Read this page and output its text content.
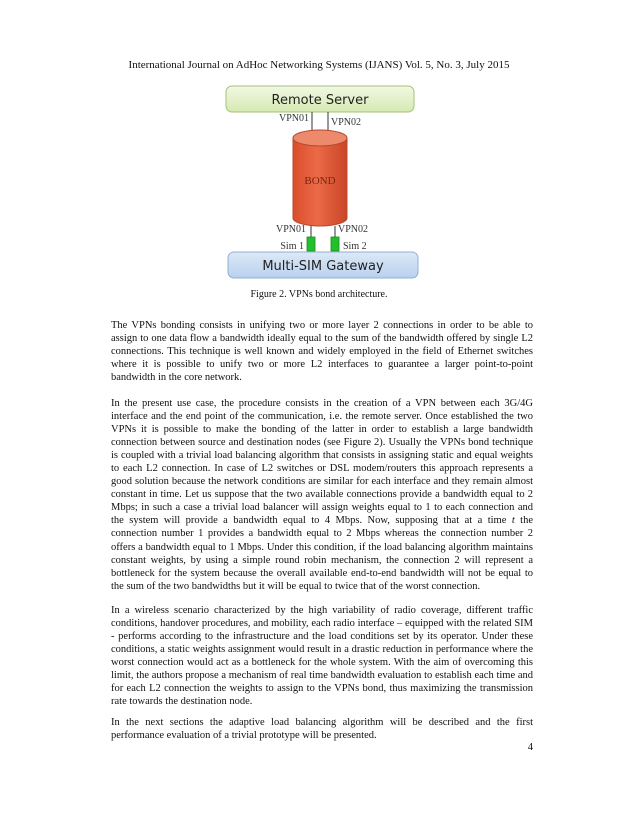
International Journal on AdHoc Networking Systems (IJANS) Vol. 5, No. 3, July 2015
Remote Server
VPN01 VPN02
BOND
VPN01	VPN02
Sim 1	Sim 2
Multi-SIM Gateway
Figure 2. VPNs bond architecture.

The VPNs bonding consists in unifying two or more layer 2 connections in order to be able to assign to one data flow a bandwidth ideally equal to the sum of the bandwidth offered by single L2 connections. This technique is well known and widely employed in the field of Ethernet switches where it is possible to unify two or more L2 interfaces to guarantee a larger point-to-point bandwidth in the core network.

In the present use case, the procedure consists in the creation of a VPN between each 3G/4G interface and the end point of the communication, i.e. the remote server. Once established the two VPNs it is possible to make the bonding of the latter in order to establish a large bandwidth connection between source and destination nodes (see Figure 2). Usually the VPNs bond technique is coupled with a trivial load balancing algorithm that consists in assigning static and equal weights to each L2 connection. In case of L2 switches or DSL modem/routers this approach represents a good solution because the network conditions are similar for each interface and they remain almost constant in time. Let us suppose that the two available connections provide a bandwidth equal to 2 Mbps; in such a case a trivial load balancer will assign weights equal to 1 to each connection and the system will provide a bandwidth equal to 4 Mbps. Now, supposing that at a time t the connection number 1 provides a bandwidth equal to 2 Mbps whereas the connection number 2 offers a bandwidth equal to 1 Mbps. Under this condition, if the load balancing algorithm maintains constant weights, by using a simple round robin mechanism, the connection 2 will represent a bottleneck for the system because the overall available end-to-end bandwidth will not be equal to the sum of the two bandwidths but it will be equal to twice that of the worst connection.

In a wireless scenario characterized by the high variability of radio coverage, different traffic conditions, handover procedures, and mobility, each radio interface – equipped with the related SIM - performs according to the infrastructure and the load conditions set by its operator. Under these conditions, a static weights assignment would result in a drastic reduction in performance where the worst connection would act as a bottleneck for the whole system. With the aim of overcoming this limit, the authors propose a mechanism of real time bandwidth evaluation to establish each time and for each L2 connection the weights to assign to the VPNs bond, thus maximizing the transmission rate towards the destination node.

In the next sections the adaptive load balancing algorithm will be described and the first performance evaluation of a trivial prototype will be presented.

4
